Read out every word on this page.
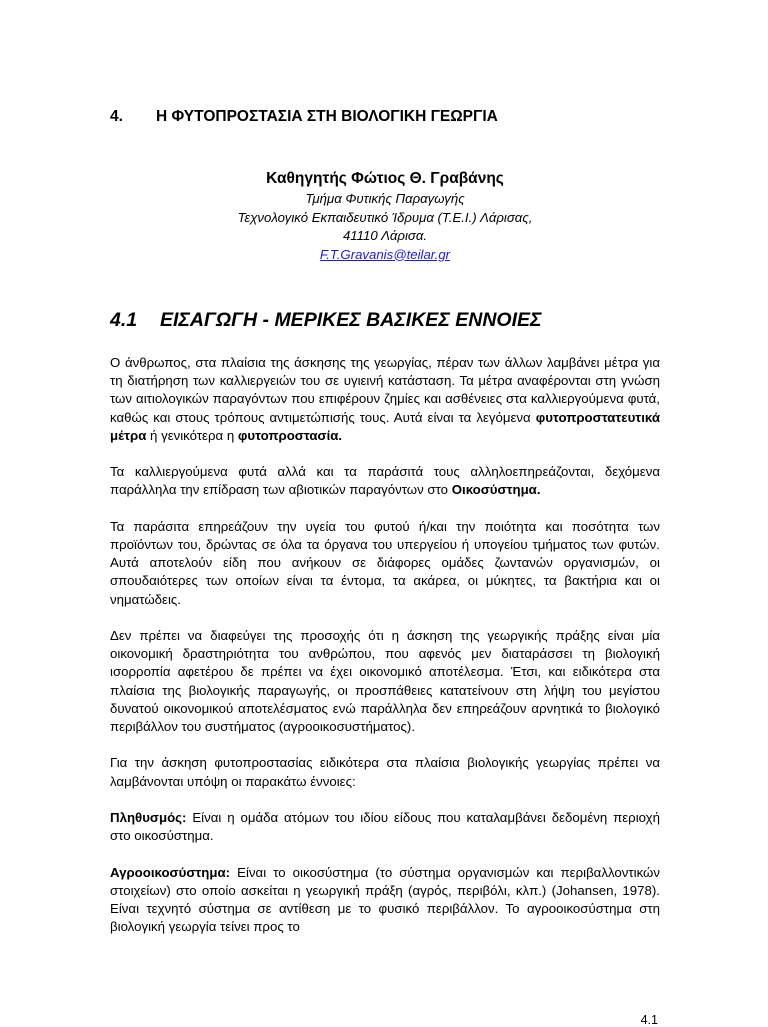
4. Η ΦΥΤΟΠΡΟΣΤΑΣΙΑ ΣΤΗ ΒΙΟΛΟΓΙΚΗ ΓΕΩΡΓΙΑ
Καθηγητής Φώτιος Θ. Γραβάνης
Τμήμα Φυτικής Παραγωγής
Τεχνολογικό Εκπαιδευτικό Ίδρυμα (Τ.Ε.Ι.) Λάρισας,
41110 Λάρισα.
F.T.Gravanis@teilar.gr
4.1 ΕΙΣΑΓΩΓΗ - ΜΕΡΙΚΕΣ ΒΑΣΙΚΕΣ ΕΝΝΟΙΕΣ

Ο άνθρωπος, στα πλαίσια της άσκησης της γεωργίας, πέραν των άλλων λαμβάνει μέτρα για τη διατήρηση των καλλιεργειών του σε υγιεινή κατάσταση. Τα μέτρα αναφέρονται στη γνώση των αιτιολογικών παραγόντων που επιφέρουν ζημίες και ασθένειες στα καλλιεργούμενα φυτά, καθώς και στους τρόπους αντιμετώπισής τους. Αυτά είναι τα λεγόμενα φυτοπροστατευτικά μέτρα ή γενικότερα η φυτοπροστασία.

Τα καλλιεργούμενα φυτά αλλά και τα παράσιτά τους αλληλοεπηρεάζονται, δεχόμενα παράλληλα την επίδραση των αβιοτικών παραγόντων στο Οικοσύστημα.

Τα παράσιτα επηρεάζουν την υγεία του φυτού ή/και την ποιότητα και ποσότητα των προϊόντων του, δρώντας σε όλα τα όργανα του υπεργείου ή υπογείου τμήματος των φυτών. Αυτά αποτελούν είδη που ανήκουν σε διάφορες ομάδες ζωντανών οργανισμών, οι σπουδαιότερες των οποίων είναι τα έντομα, τα ακάρεα, οι μύκητες, τα βακτήρια και οι νηματώδεις.

Δεν πρέπει να διαφεύγει της προσοχής ότι η άσκηση της γεωργικής πράξης είναι μία οικονομική δραστηριότητα του ανθρώπου, που αφενός μεν διαταράσσει τη βιολογική ισορροπία αφετέρου δε πρέπει να έχει οικονομικό αποτέλεσμα. Έτσι, και ειδικότερα στα πλαίσια της βιολογικής παραγωγής, οι προσπάθειες κατατείνουν στη λήψη του μεγίστου δυνατού οικονομικού αποτελέσματος ενώ παράλληλα δεν επηρεάζουν αρνητικά το βιολογικό περιβάλλον του συστήματος (αγροοικοσυστήματος).

Για την άσκηση φυτοπροστασίας ειδικότερα στα πλαίσια βιολογικής γεωργίας πρέπει να λαμβάνονται υπόψη οι παρακάτω έννοιες:

Πληθυσμός: Είναι η ομάδα ατόμων του ιδίου είδους που καταλαμβάνει δεδομένη περιοχή στο οικοσύστημα.

Αγροοικοσύστημα: Είναι το οικοσύστημα (το σύστημα οργανισμών και περιβαλλοντικών στοιχείων) στο οποίο ασκείται η γεωργική πράξη (αγρός, περιβόλι, κλπ.) (Johansen, 1978). Είναι τεχνητό σύστημα σε αντίθεση με το φυσικό περιβάλλον. Το αγροοικοσύστημα στη βιολογική γεωργία τείνει προς το

4.1
